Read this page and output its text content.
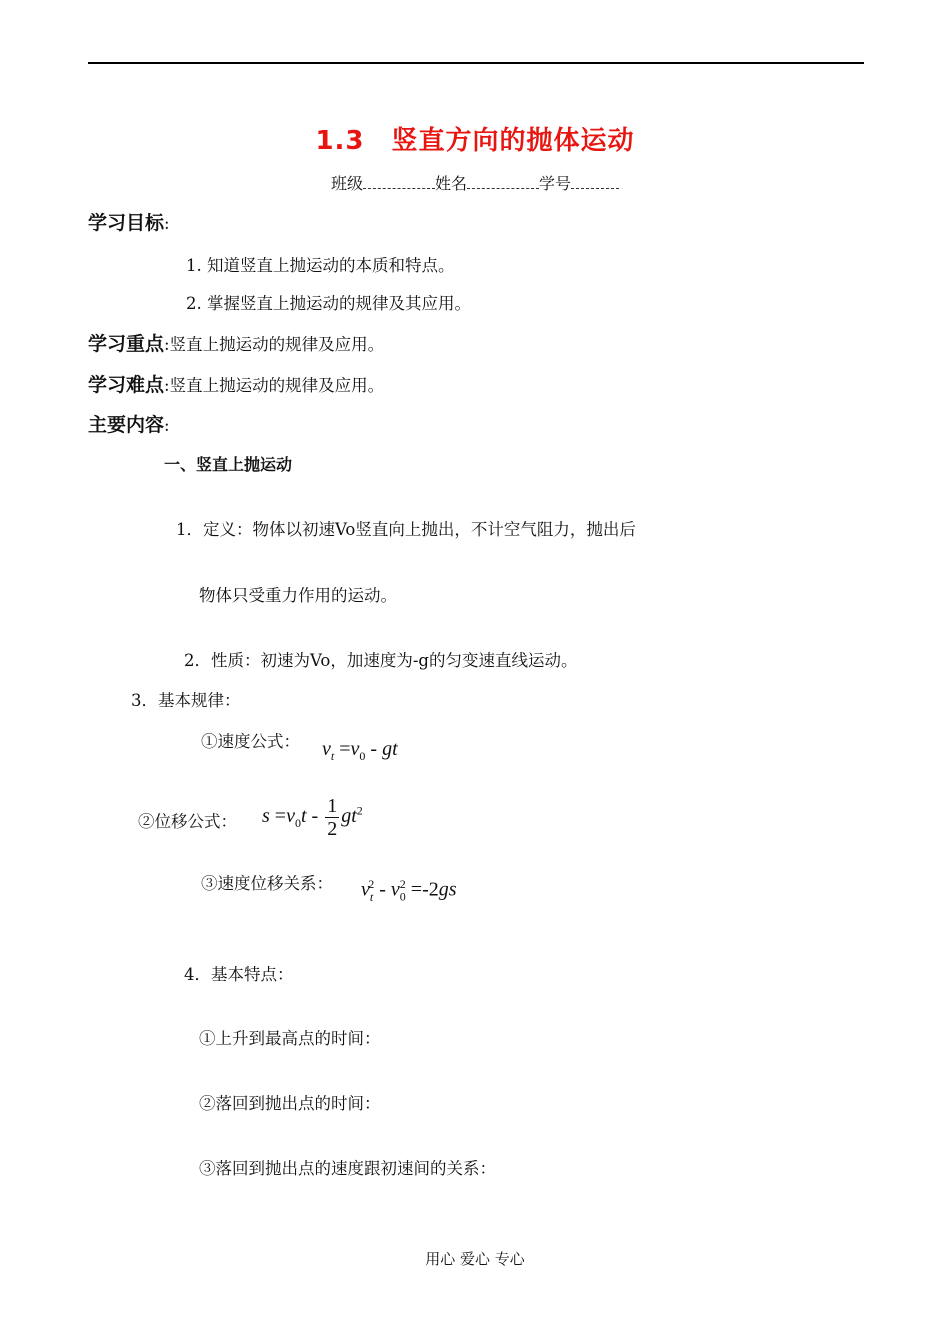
1.3　竖直方向的抛体运动
班级	姓名	学号
学习目标:
1. 知道竖直上抛运动的本质和特点。
2. 掌握竖直上抛运动的规律及其应用。
学习重点:竖直上抛运动的规律及应用。
学习难点:竖直上抛运动的规律及应用。
主要内容:
一、竖直上抛运动
1．定义：物体以初速Vo竖直向上抛出，不计空气阻力，抛出后
物体只受重力作用的运动。
2．性质：初速为Vo，加速度为-g的匀变速直线运动。
3．基本规律：
①速度公式： $v_t =v_0$ - gt
②位移公式： $s =v_0t - \frac{1}{2} gt^2$
③速度位移关系： $v_t^2 - v_0^2 =-2gs$
4．基本特点：
①上升到最高点的时间：
②落回到抛出点的时间：
③落回到抛出点的速度跟初速间的关系：
用心 爱心 专心
